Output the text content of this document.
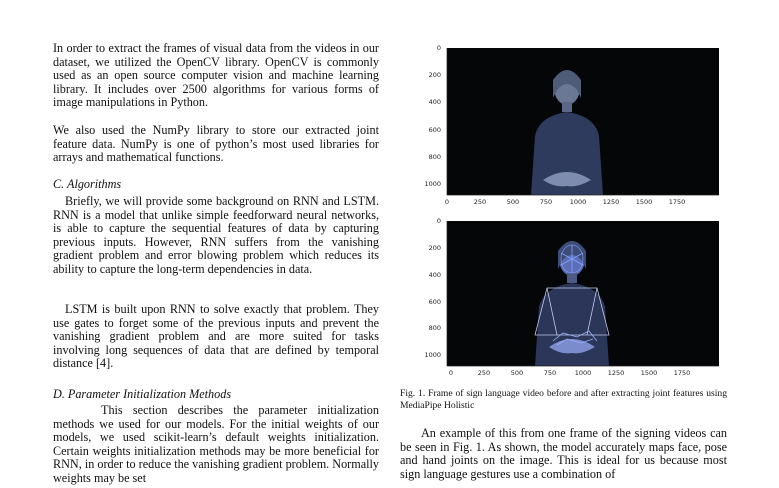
In order to extract the frames of visual data from the videos in our dataset, we utilized the OpenCV library. OpenCV is commonly used as an open source computer vision and machine learning library. It includes over 2500 algorithms for various forms of image manipulations in Python.

We also used the NumPy library to store our extracted joint feature data. NumPy is one of python’s most used libraries for arrays and mathematical functions.

C. Algorithms

Briefly, we will provide some background on RNN and LSTM. RNN is a model that unlike simple feedforward neural networks, is able to capture the sequential features of data by capturing previous inputs. However, RNN suffers from the vanishing gradient problem and error blowing problem which reduces its ability to capture the long-term dependencies in data.

LSTM is built upon RNN to solve exactly that problem. They use gates to forget some of the previous inputs and prevent the vanishing gradient problem and are more suited for tasks involving long sequences of data that are defined by temporal distance [4].

D. Parameter Initialization Methods

This section describes the parameter initialization methods we used for our models. For the initial weights of our models, we used scikit-learn’s default weights initialization. Certain weights initialization methods may be more beneficial for RNN, in order to reduce the vanishing gradient problem. Normally weights may be set

0
200
400
600
800
1000
0	250	500	750	1000	1250	1500	1750
0
200
400
600
800
1000
0	250	500	750	1000	1250	1500	1750
Fig. 1. Frame of sign language video before and after extracting joint features using MediaPipe Holistic

An example of this from one frame of the signing videos can be seen in Fig. 1. As shown, the model accurately maps face, pose and hand joints on the image. This is ideal for us because most sign language gestures use a combination of
